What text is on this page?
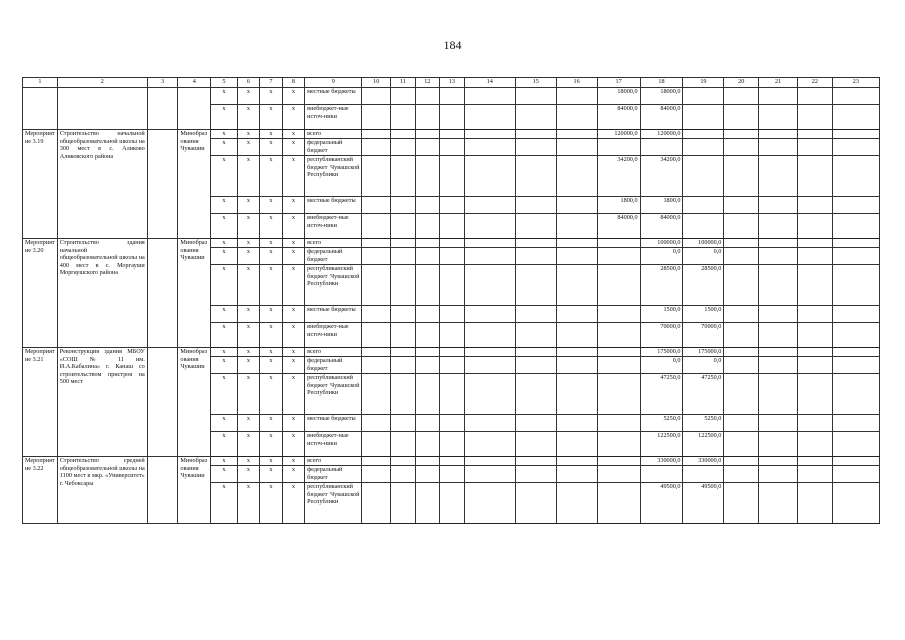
184
1	2	3	4	5	6	7	8	9	10	11	12	13	14	15	16	17	18	19	20	21	22	23
				x	x	x	x	местные бюджеты								18000,0	18000,0					
				x	x	x	x	внебюджет-ные источ-ники								84000,0	84000,0					
Мероприятие 3.19	Строительство начальной общеобразовательной школы на 300 мест в с. Аликово Аликовского района		Минобразования Чувашии	x	x	x	x	всего								120000,0	120000,0					
				x	x	x	x	федеральный бюджет														
				x	x	x	x	республиканский бюджет Чувашской Республики								34200,0	34200,0					
				x	x	x	x	местные бюджеты								1800,0	1800,0					
				x	x	x	x	внебюджет-ные источ-ники								84000,0	84000,0					
Мероприятие 3.20	Строительство здания начальной общеобразовательной школы на 400 мест в с. Моргауши Моргаушского района		Минобразования Чувашии	x	x	x	x	всего									100000,0	100000,0				
				x	x	x	x	федеральный бюджет									0,0	0,0				
				x	x	x	x	республиканский бюджет Чувашской Республики									28500,0	28500,0				
				x	x	x	x	местные бюджеты									1500,0	1500,0				
				x	x	x	x	внебюджет-ные источ-ники									70000,0	70000,0				
Мероприятие 3.21	Реконструкция здания МБОУ «СОШ № 11 им. И.А.Кабалина» г. Канаш со строительством пристроя на 500 мест		Минобразования Чувашии	x	x	x	x	всего									175000,0	175000,0				
				x	x	x	x	федеральный бюджет									0,0	0,0				
				x	x	x	x	республиканский бюджет Чувашской Республики									47250,0	47250,0				
				x	x	x	x	местные бюджеты									5250,0	5250,0				
				x	x	x	x	внебюджет-ные источ-ники									122500,0	122500,0				
Мероприятие 3.22	Строительство средней общеобразовательной школы на 1100 мест в мкр. «Университет» г. Чебоксары		Минобразования Чувашии	x	x	x	x	всего									330000,0	330000,0				
				x	x	x	x	федеральный бюджет														
				x	x	x	x	республиканский бюджет Чувашской Республики									49500,0	49500,0				
